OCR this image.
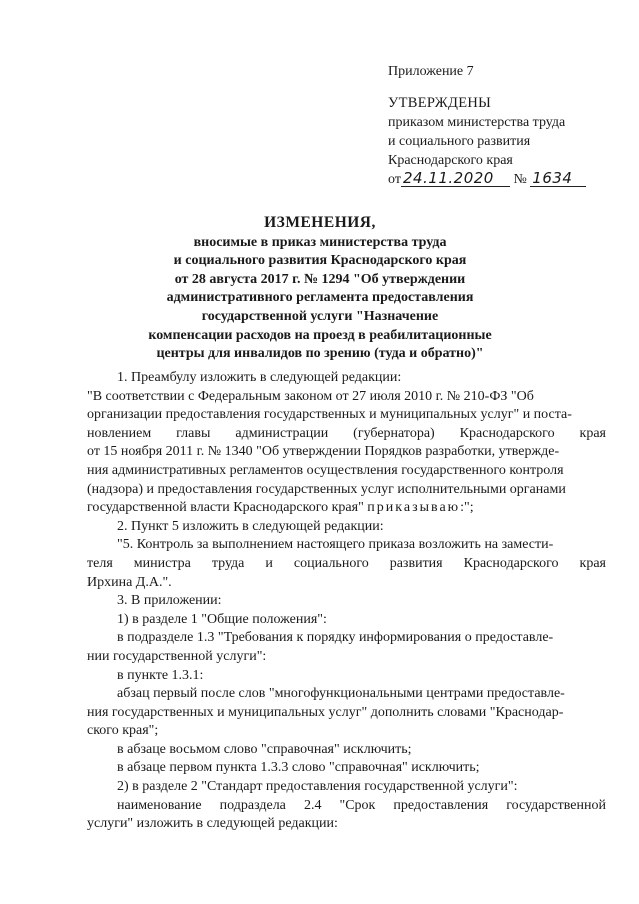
Приложение 7
УТВЕРЖДЕНЫ
приказом министерства труда
и социального развития
Краснодарского края
от 24.11.2020 № 1634
ИЗМЕНЕНИЯ,
вносимые в приказ министерства труда
и социального развития Краснодарского края
от 28 августа 2017 г. № 1294 "Об утверждении
административного регламента предоставления
государственной услуги "Назначение
компенсации расходов на проезд в реабилитационные
центры для инвалидов по зрению (туда и обратно)"
1. Преамбулу изложить в следующей редакции:
"В соответствии с Федеральным законом от 27 июля 2010 г. № 210-ФЗ "Об
организации предоставления государственных и муниципальных услуг" и поста-
новлением главы администрации (губернатора) Краснодарского края
от 15 ноября 2011 г. № 1340 "Об утверждении Порядков разработки, утвержде-
ния административных регламентов осуществления государственного контроля
(надзора) и предоставления государственных услуг исполнительными органами
государственной власти Краснодарского края" приказываю:";
2. Пункт 5 изложить в следующей редакции:
"5. Контроль за выполнением настоящего приказа возложить на замести-
теля министра труда и социального развития Краснодарского края
Ирхина Д.А.".
3. В приложении:
1) в разделе 1 "Общие положения":
в подразделе 1.3 "Требования к порядку информирования о предоставле-
нии государственной услуги":
в пункте 1.3.1:
абзац первый после слов "многофункциональными центрами предоставле-
ния государственных и муниципальных услуг" дополнить словами "Краснодар-
ского края";
в абзаце восьмом слово "справочная" исключить;
в абзаце первом пункта 1.3.3 слово "справочная" исключить;
2) в разделе 2 "Стандарт предоставления государственной услуги":
наименование подраздела 2.4 "Срок предоставления государственной
услуги" изложить в следующей редакции:
